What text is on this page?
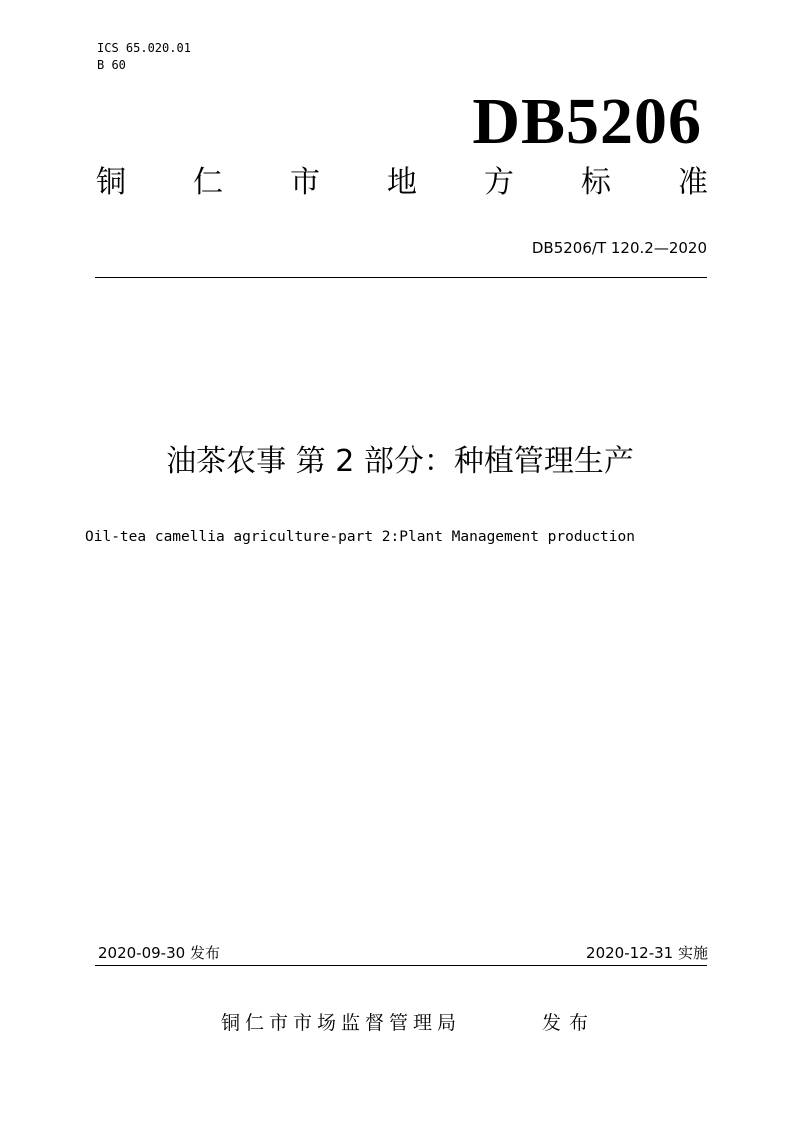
ICS 65.020.01
B 60
DB5206
铜 仁 市 地 方 标 准
DB5206/T 120.2—2020
油茶农事 第 2 部分：种植管理生产
Oil-tea camellia agriculture-part 2:Plant Management production
2020-09-30 发布	2020-12-31 实施
铜仁市市场监督管理局	发布
